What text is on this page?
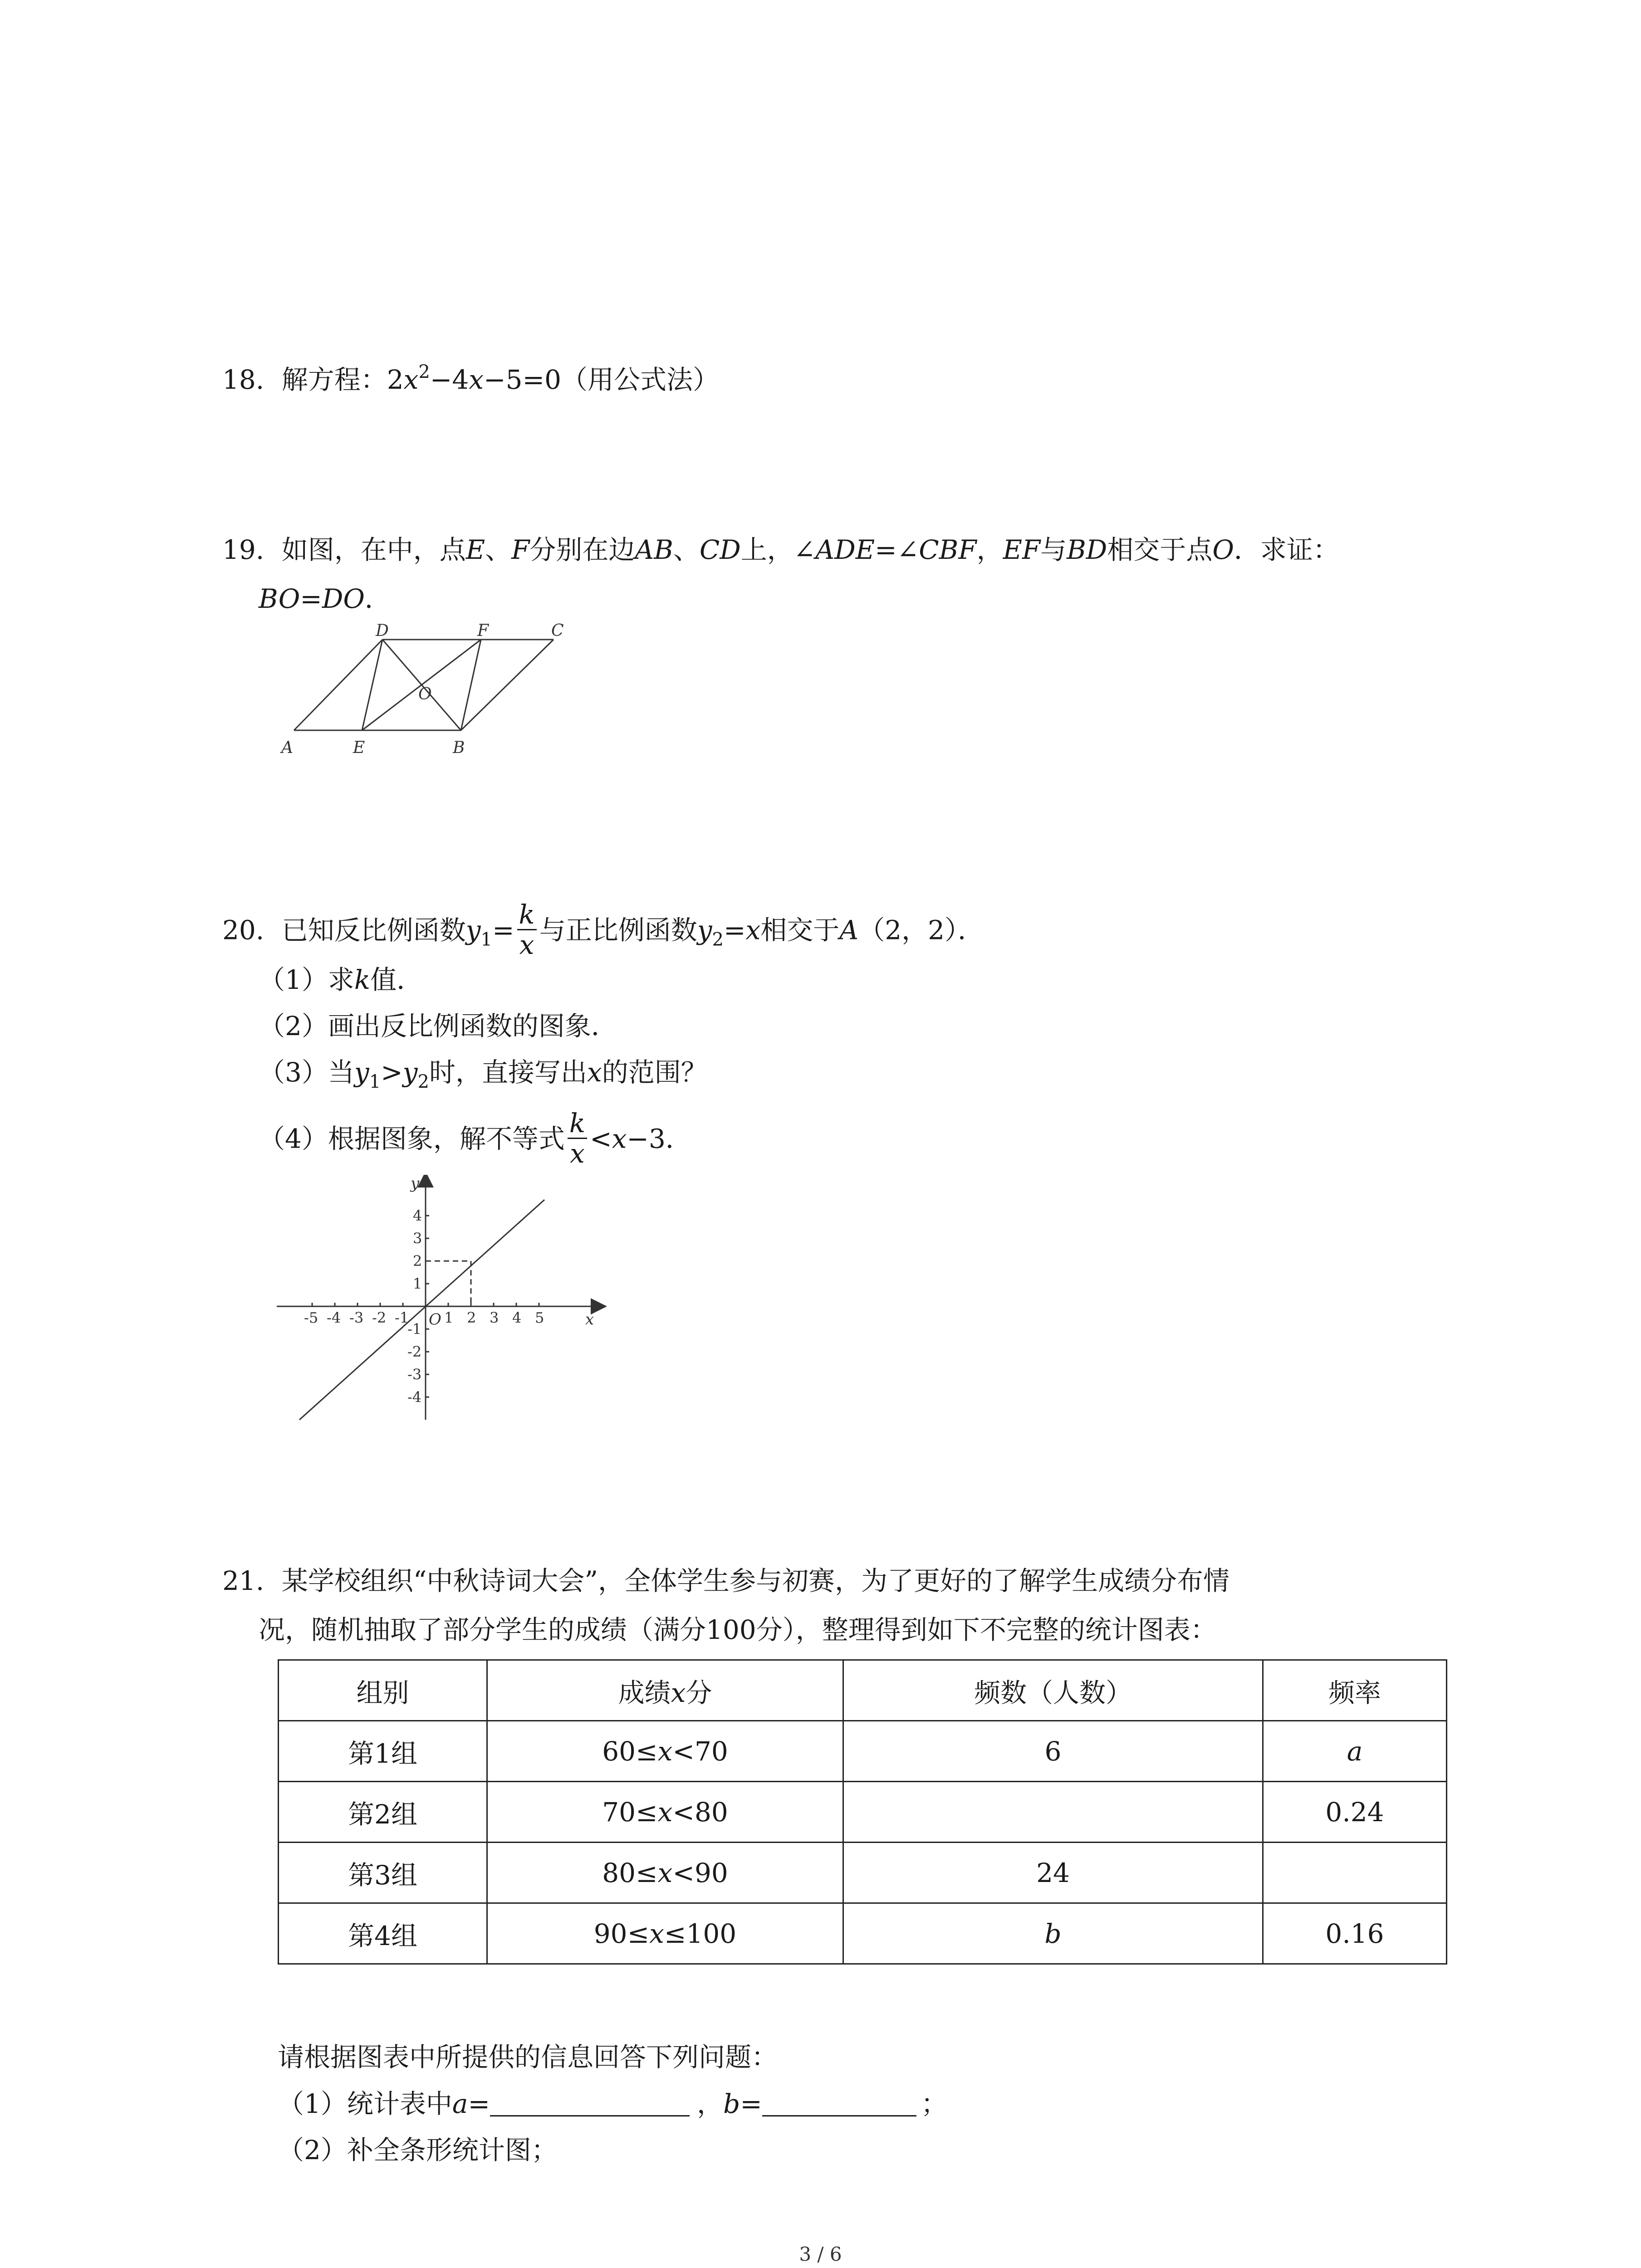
18. 解方程：$2x^2-4x-5=0$（用公式法）
19. 如图，在中，点E、F分别在边AB、CD上，∠ADE=∠CBF，EF与BD相交于点O．求证：
BO=DO．
A	E	B
D	F	C
O
20. 已知反比例函数$y_1= \frac{k}{x}$ 与正比例函数$y_2=x$相交于A（2，2）．
（1）求k值．
（2）画出反比例函数的图象．
（3）当$y_1>y_2$时，直接写出x的范围？
（4）根据图象，解不等式 $\frac{k}{x} <x-3$．
y
x
O
-5 -4 -3 -2 -1 1 2 3 4 5
4
3
2
1
-1
-2
-3
-4
21. 某学校组织“中秋诗词大会”，全体学生参与初赛，为了更好的了解学生成绩分布情
况，随机抽取了部分学生的成绩（满分100分），整理得到如下不完整的统计图表：
组别	成绩x分	频数（人数）	频率
第1组	60≤x<70	6	a
第2组	70≤x<80		0.24
第3组	80≤x<90	24	
第4组	90≤x≤100	b	0.16
请根据图表中所提供的信息回答下列问题：
（1）统计表中a=	，b=	；
（2）补全条形统计图；
3 / 6
